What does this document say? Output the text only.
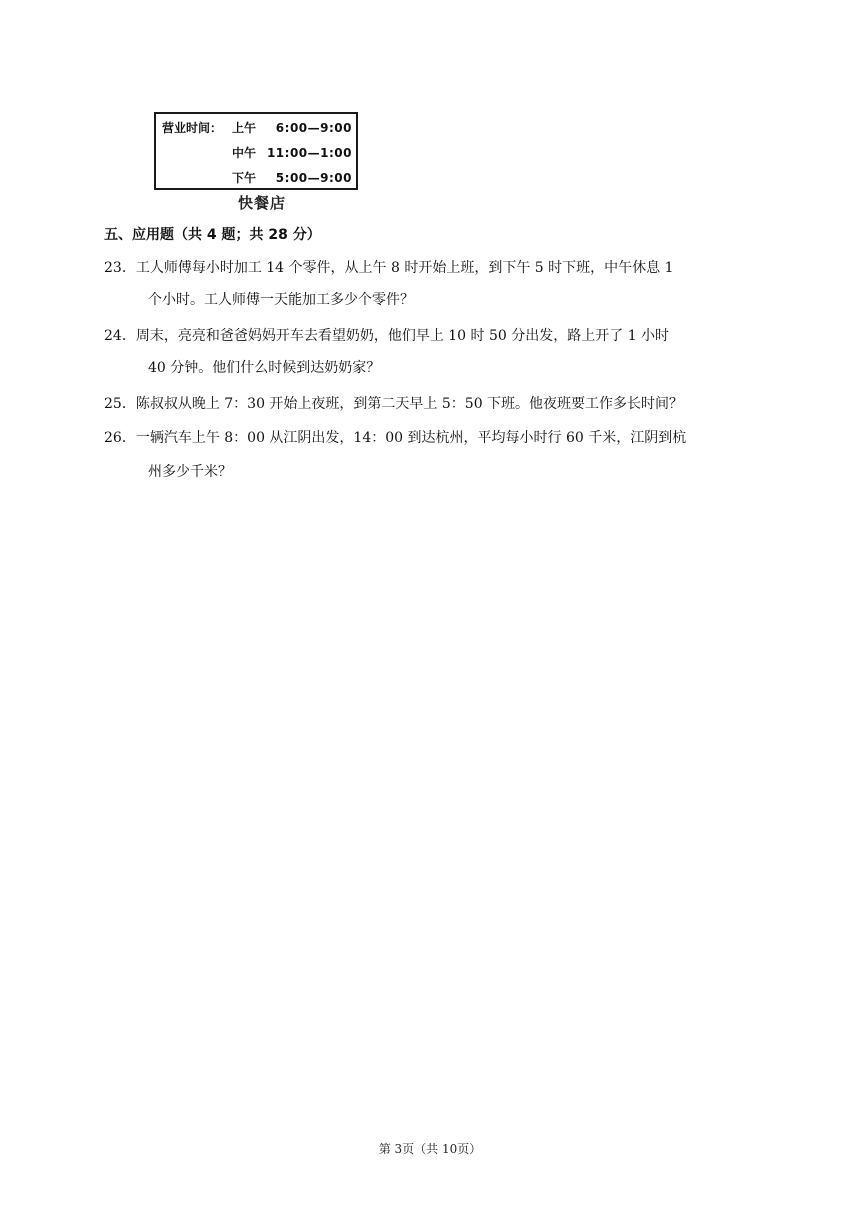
营业时间： 上午 6:00—9:00
中午 11:00—1:00
下午 5:00—9:00
快餐店
五、应用题（共 4 题；共 28 分）
23．工人师傅每小时加工 14 个零件，从上午 8 时开始上班，到下午 5 时下班，中午休息 1
个小时。工人师傅一天能加工多少个零件？
24．周末，亮亮和爸爸妈妈开车去看望奶奶，他们早上 10 时 50 分出发，路上开了 1 小时
40 分钟。他们什么时候到达奶奶家？
25．陈叔叔从晚上 7：30 开始上夜班，到第二天早上 5：50 下班。他夜班要工作多长时间？
26．一辆汽车上午 8：00 从江阴出发，14：00 到达杭州，平均每小时行 60 千米，江阴到杭
州多少千米？
第 3页（共 10页）
